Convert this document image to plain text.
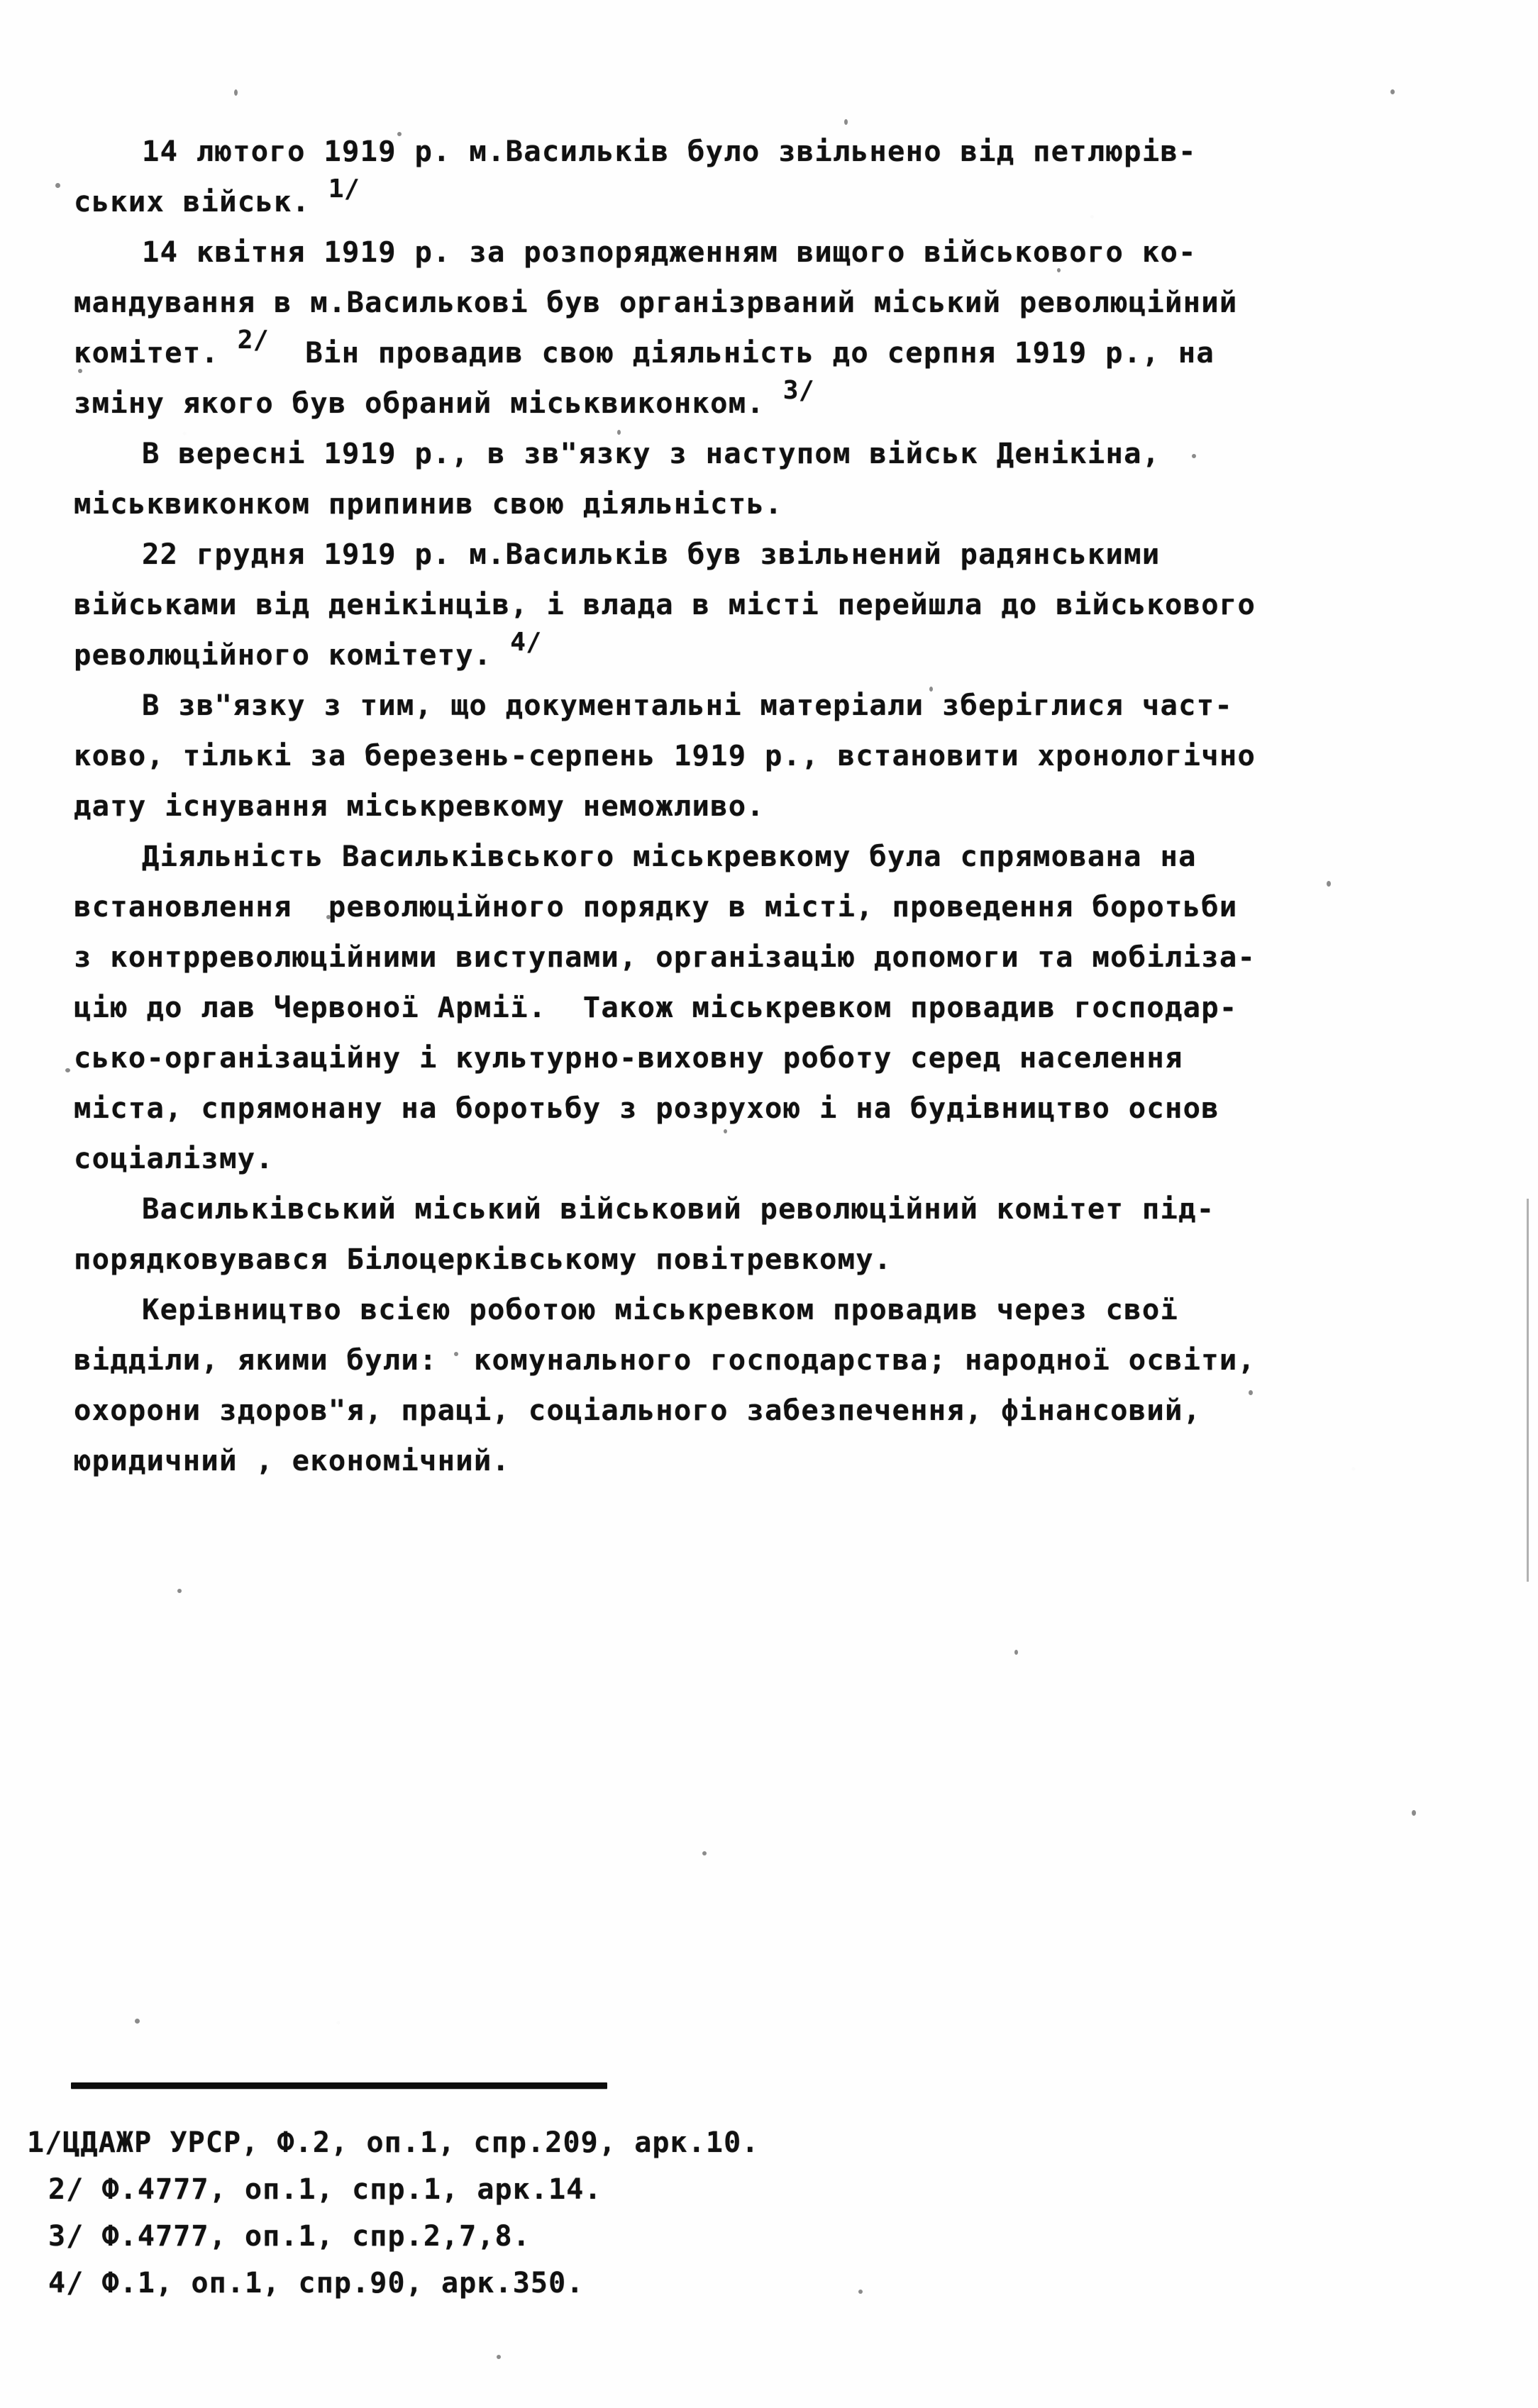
14 лютого 1919 р. м.Васильків було звільнено від петлюрів-
ських військ. 1/
14 квітня 1919 р. за розпорядженням вищого військового ко-
мандування в м.Василькові був організрваний міський революційний
комітет. 2/  Він провадив свою діяльність до серпня 1919 р., на
зміну якого був обраний міськвиконком. 3/
В вересні 1919 р., в зв"язку з наступом військ Денікіна,
міськвиконком припинив свою діяльність.
22 грудня 1919 р. м.Васильків був звільнений радянськими
військами від денікінців, і влада в місті перейшла до військового
революційного комітету. 4/
В зв"язку з тим, що документальні матеріали зберіглися част-
ково, тількі за березень-серпень 1919 р., встановити хронологічно
дату існування міськревкому неможливо.
Діяльність Васильківського міськревкому була спрямована на
встановлення  революційного порядку в місті, проведення боротьби
з контрреволюційними виступами, організацію допомоги та мобіліза-
цію до лав Червоної Армії.  Також міськревком провадив господар-
сько-організаційну і культурно-виховну роботу серед населення
міста, спрямонану на боротьбу з розрухою і на будівництво основ
соціалізму.
Васильківський міський військовий революційний комітет під-
порядковувався Білоцерківському повітревкому.
Керівництво всією роботою міськревком провадив через свої
відділи, якими були:  комунального господарства; народної освіти,
охорони здоров"я, праці, соціального забезпечення, фінансовий,
юридичний , економічний.
1/ЦДАЖР УРСР, Ф.2, оп.1, спр.209, арк.10.
2/ Ф.4777, оп.1, спр.1, арк.14.
3/ Ф.4777, оп.1, спр.2,7,8.
4/ Ф.1, оп.1, спр.90, арк.350.
